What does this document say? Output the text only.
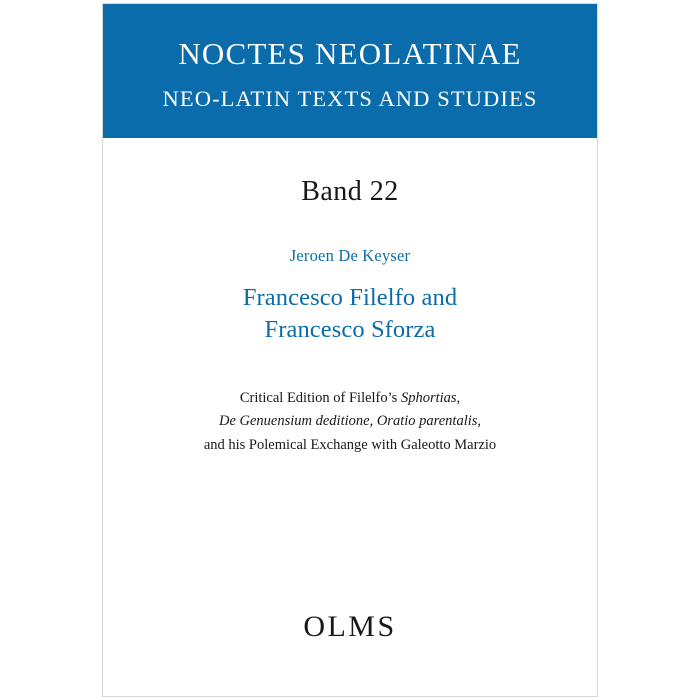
NOCTES NEOLATINAE
NEO-LATIN TEXTS AND STUDIES
Band 22
Jeroen De Keyser
Francesco Filelfo and
Francesco Sforza
Critical Edition of Filelfo’s Sphortias,
De Genuensium deditione, Oratio parentalis,
and his Polemical Exchange with Galeotto Marzio
OLMS
